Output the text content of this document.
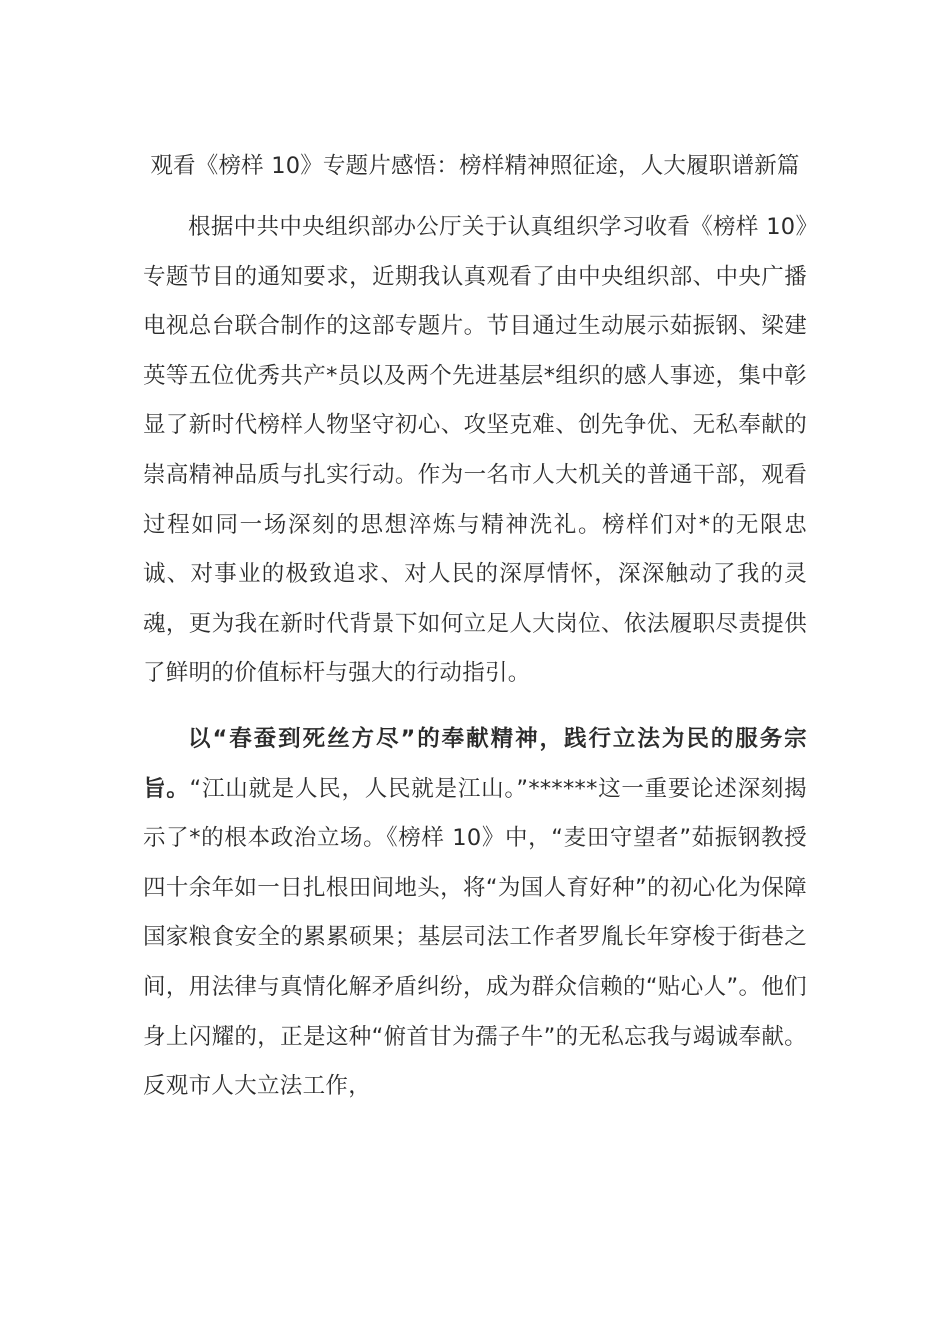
观看《榜样 10》专题片感悟：榜样精神照征途，人大履职谱新篇

根据中共中央组织部办公厅关于认真组织学习收看《榜样 10》专题节目的通知要求，近期我认真观看了由中央组织部、中央广播电视总台联合制作的这部专题片。节目通过生动展示茹振钢、梁建英等五位优秀共产*员以及两个先进基层*组织的感人事迹，集中彰显了新时代榜样人物坚守初心、攻坚克难、创先争优、无私奉献的崇高精神品质与扎实行动。作为一名市人大机关的普通干部，观看过程如同一场深刻的思想淬炼与精神洗礼。榜样们对*的无限忠诚、对事业的极致追求、对人民的深厚情怀，深深触动了我的灵魂，更为我在新时代背景下如何立足人大岗位、依法履职尽责提供了鲜明的价值标杆与强大的行动指引。

以“春蚕到死丝方尽”的奉献精神，践行立法为民的服务宗旨。“江山就是人民，人民就是江山。”******这一重要论述深刻揭示了*的根本政治立场。《榜样 10》中，“麦田守望者”茹振钢教授四十余年如一日扎根田间地头，将“为国人育好种”的初心化为保障国家粮食安全的累累硕果；基层司法工作者罗胤长年穿梭于街巷之间，用法律与真情化解矛盾纠纷，成为群众信赖的“贴心人”。他们身上闪耀的，正是这种“俯首甘为孺子牛”的无私忘我与竭诚奉献。反观市人大立法工作，
